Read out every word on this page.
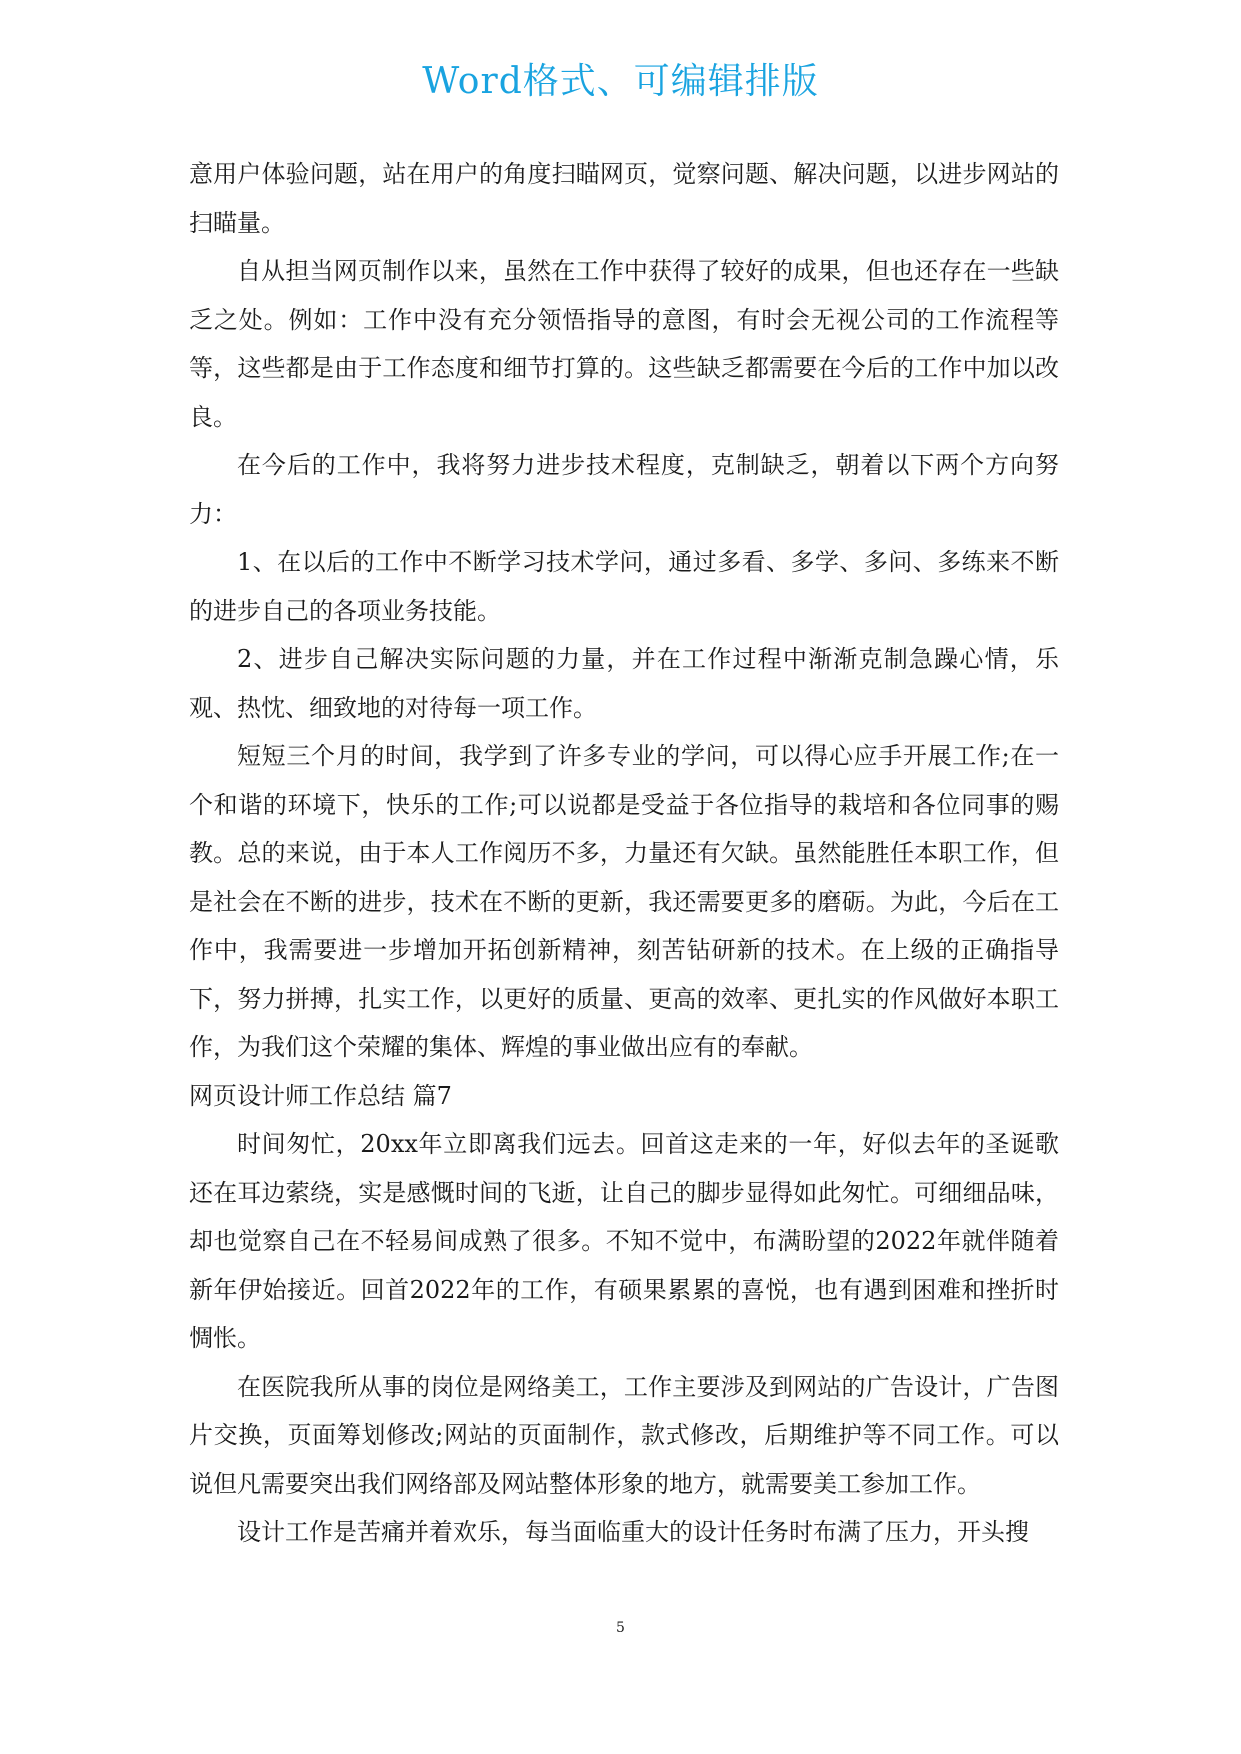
Word格式、可编辑排版

意用户体验问题，站在用户的角度扫瞄网页，觉察问题、解决问题，以进步网站的扫瞄量。

自从担当网页制作以来，虽然在工作中获得了较好的成果，但也还存在一些缺乏之处。例如：工作中没有充分领悟指导的意图，有时会无视公司的工作流程等等，这些都是由于工作态度和细节打算的。这些缺乏都需要在今后的工作中加以改良。

在今后的工作中，我将努力进步技术程度，克制缺乏，朝着以下两个方向努力：

1、在以后的工作中不断学习技术学问，通过多看、多学、多问、多练来不断的进步自己的各项业务技能。

2、进步自己解决实际问题的力量，并在工作过程中渐渐克制急躁心情，乐观、热忱、细致地的对待每一项工作。

短短三个月的时间，我学到了许多专业的学问，可以得心应手开展工作;在一个和谐的环境下，快乐的工作;可以说都是受益于各位指导的栽培和各位同事的赐教。总的来说，由于本人工作阅历不多，力量还有欠缺。虽然能胜任本职工作，但是社会在不断的进步，技术在不断的更新，我还需要更多的磨砺。为此，今后在工作中，我需要进一步增加开拓创新精神，刻苦钻研新的技术。在上级的正确指导下，努力拼搏，扎实工作，以更好的质量、更高的效率、更扎实的作风做好本职工作，为我们这个荣耀的集体、辉煌的事业做出应有的奉献。

网页设计师工作总结 篇7

时间匆忙，20xx年立即离我们远去。回首这走来的一年，好似去年的圣诞歌还在耳边萦绕，实是感慨时间的飞逝，让自己的脚步显得如此匆忙。可细细品味，却也觉察自己在不轻易间成熟了很多。不知不觉中，布满盼望的2022年就伴随着新年伊始接近。回首2022年的工作，有硕果累累的喜悦，也有遇到困难和挫折时惆怅。

在医院我所从事的岗位是网络美工，工作主要涉及到网站的广告设计，广告图片交换，页面筹划修改;网站的页面制作，款式修改，后期维护等不同工作。可以说但凡需要突出我们网络部及网站整体形象的地方，就需要美工参加工作。

设计工作是苦痛并着欢乐，每当面临重大的设计任务时布满了压力，开头搜

5
